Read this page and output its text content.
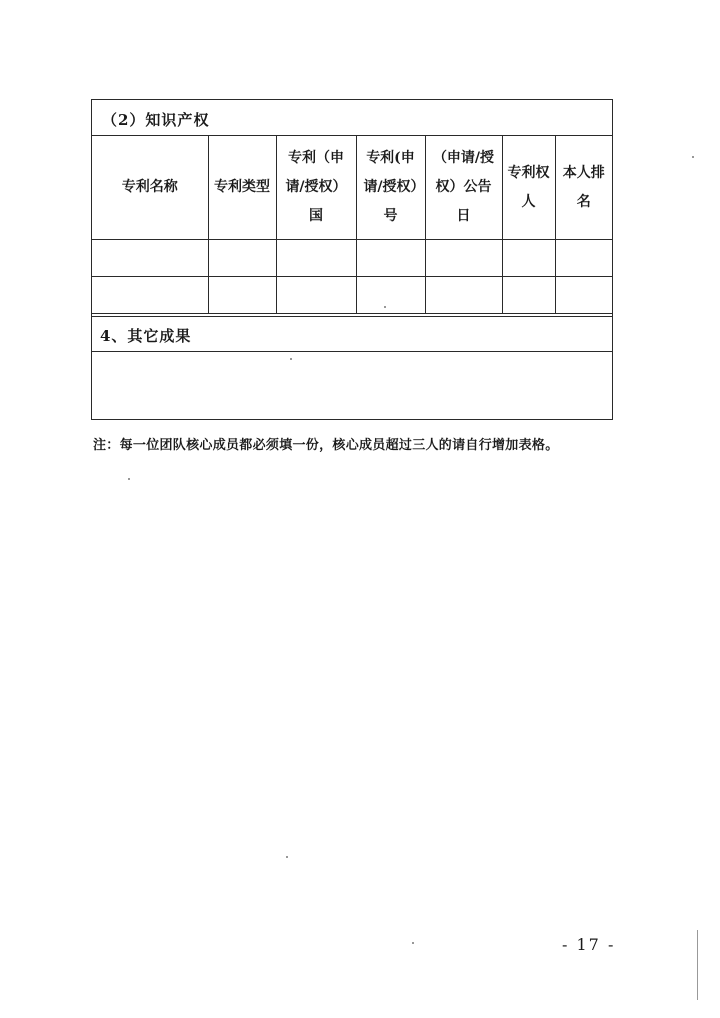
（2）知识产权
专利名称	专利类型	专利（申请/授权）国	专利(申请/授权）号	（申请/授权）公告日	专利权人	本人排名

4、其它成果
注：每一位团队核心成员都必须填一份，核心成员超过三人的请自行增加表格。
- 17 -
